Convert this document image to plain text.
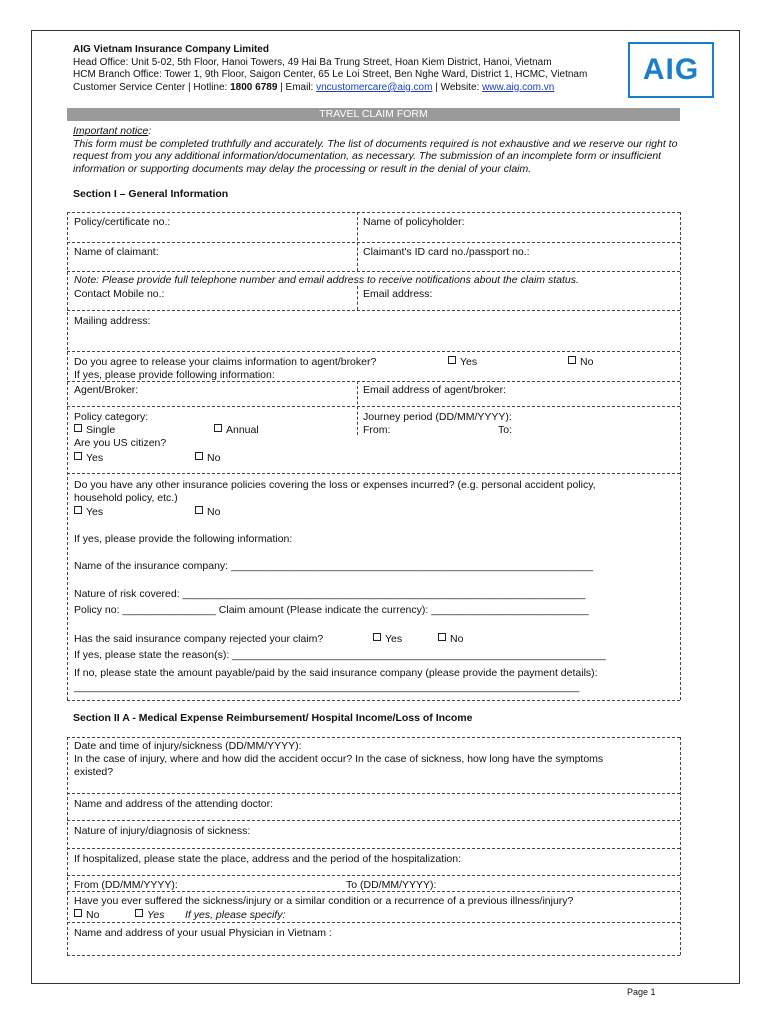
AIG Vietnam Insurance Company Limited
Head Office: Unit 5-02, 5th Floor, Hanoi Towers, 49 Hai Ba Trung Street, Hoan Kiem District, Hanoi, Vietnam
HCM Branch Office: Tower 1, 9th Floor, Saigon Center, 65 Le Loi Street, Ben Nghe Ward, District 1, HCMC, Vietnam
Customer Service Center | Hotline: 1800 6789 | Email: vncustomercare@aig.com | Website: www.aig.com.vn
AIG
TRAVEL CLAIM FORM
Important notice:
This form must be completed truthfully and accurately. The list of documents required is not exhaustive and we reserve our right to request from you any additional information/documentation, as necessary. The submission of an incomplete form or insufficient information or supporting documents may delay the processing or result in the denial of your claim.
Section I – General Information
Policy/certificate no.:	Name of policyholder:
Name of claimant:	Claimant's ID card no./passport no.:
Note: Please provide full telephone number and email address to receive notifications about the claim status.
Contact Mobile no.:	Email address:
Mailing address:
Do you agree to release your claims information to agent/broker?	Yes	No
If yes, please provide following information:
Agent/Broker:	Email address of agent/broker:
Policy category:
Single	Annual
Journey period (DD/MM/YYYY):
From:	To:
Are you US citizen?
Yes	No
Do you have any other insurance policies covering the loss or expenses incurred? (e.g. personal accident policy,
household policy, etc.)
Yes	No
If yes, please provide the following information:
Name of the insurance company: ______________________________________________________________
Nature of risk covered: _____________________________________________________________________
Policy no: ________________ Claim amount (Please indicate the currency): ___________________________
Has the said insurance company rejected your claim?	Yes	No
If yes, please state the reason(s): ________________________________________________________________
If no, please state the amount payable/paid by the said insurance company (please provide the payment details):
________________________________________________________________________________________________
Section II A - Medical Expense Reimbursement/ Hospital Income/Loss of Income
Date and time of injury/sickness (DD/MM/YYYY):
In the case of injury, where and how did the accident occur? In the case of sickness, how long have the symptoms
existed?
Name and address of the attending doctor:
Nature of injury/diagnosis of sickness:
If hospitalized, please state the place, address and the period of the hospitalization:
From (DD/MM/YYYY):	To (DD/MM/YYYY):
Have you ever suffered the sickness/injury or a similar condition or a recurrence of a previous illness/injury?
No	Yes If yes, please specify:
Name and address of your usual Physician in Vietnam :
Page 1
